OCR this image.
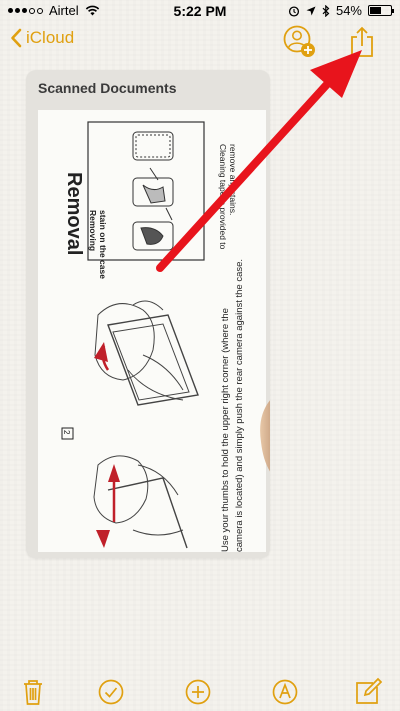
Airtel	5:22 PM	54%
iCloud
Scanned Documents
Removal Removing stain on the case	Cleaning tape is provided to remove any stains.
2	Use your thumbs to hold the upper right corner (where the camera is located) and simply push the rear camera against the case.
